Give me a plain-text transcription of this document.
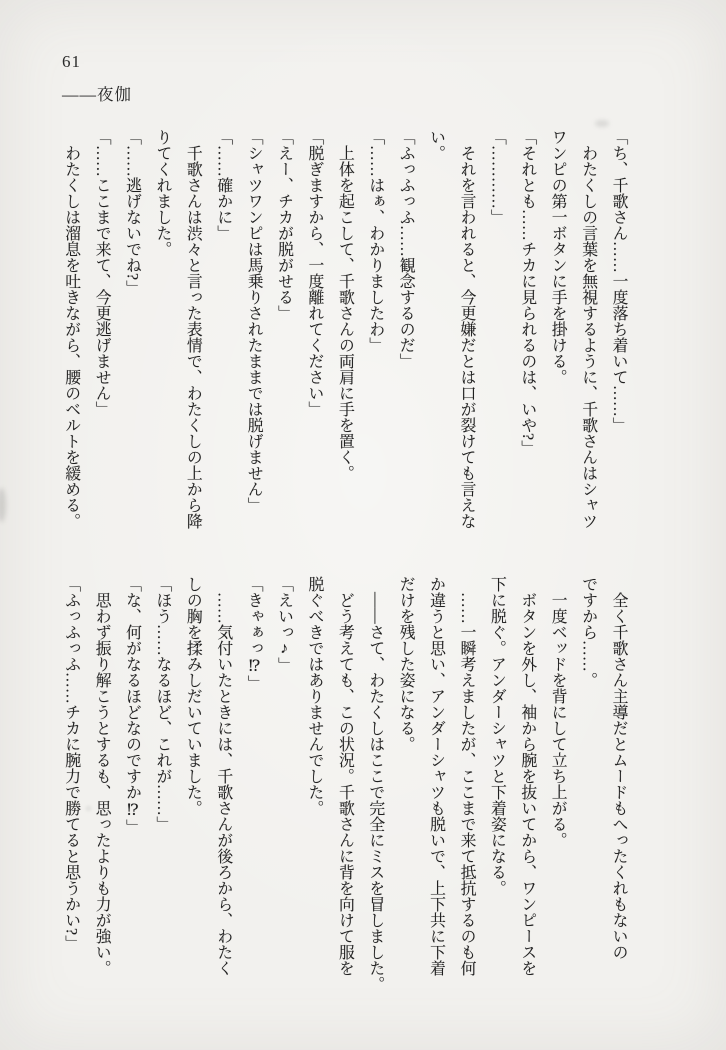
61
――夜伽
「ち、千歌さん……一度落ち着いて……」
わたくしの言葉を無視するように、千歌さんはシャツ
ワンピの第一ボタンに手を掛ける。
「それとも……チカに見られるのは、いや?」
「…………」
それを言われると、今更嫌だとは口が裂けても言えな
い。
「ふっふっふ……観念するのだ」
「……はぁ、わかりましたわ」
上体を起こして、千歌さんの両肩に手を置く。
「脱ぎますから、一度離れてください」
「えー、チカが脱がせる」
「シャツワンピは馬乗りされたままでは脱げません」
「……確かに」
千歌さんは渋々と言った表情で、わたくしの上から降
りてくれました。
「……逃げないでね?」
「……ここまで来て、今更逃げません」
わたくしは溜息を吐きながら、腰のベルトを緩める。
全く千歌さん主導だとムードもへったくれもないの
ですから……。
一度ベッドを背にして立ち上がる。
ボタンを外し、袖から腕を抜いてから、ワンピースを
下に脱ぐ。アンダーシャツと下着姿になる。
……一瞬考えましたが、ここまで来て抵抗するのも何
か違うと思い、アンダーシャツも脱いで、上下共に下着
だけを残した姿になる。
――さて、わたくしはここで完全にミスを冒しました。
どう考えても、この状況。千歌さんに背を向けて服を
脱ぐべきではありませんでした。
「えいっ♪」
「きゃぁっ⁉」
……気付いたときには、千歌さんが後ろから、わたく
しの胸を揉みしだいていました。
「ほう……なるほど、これが……」
「な、何がなるほどなのですか⁉」
思わず振り解こうとするも、思ったよりも力が強い。
「ふっふっふ……チカに腕力で勝てると思うかい?」
